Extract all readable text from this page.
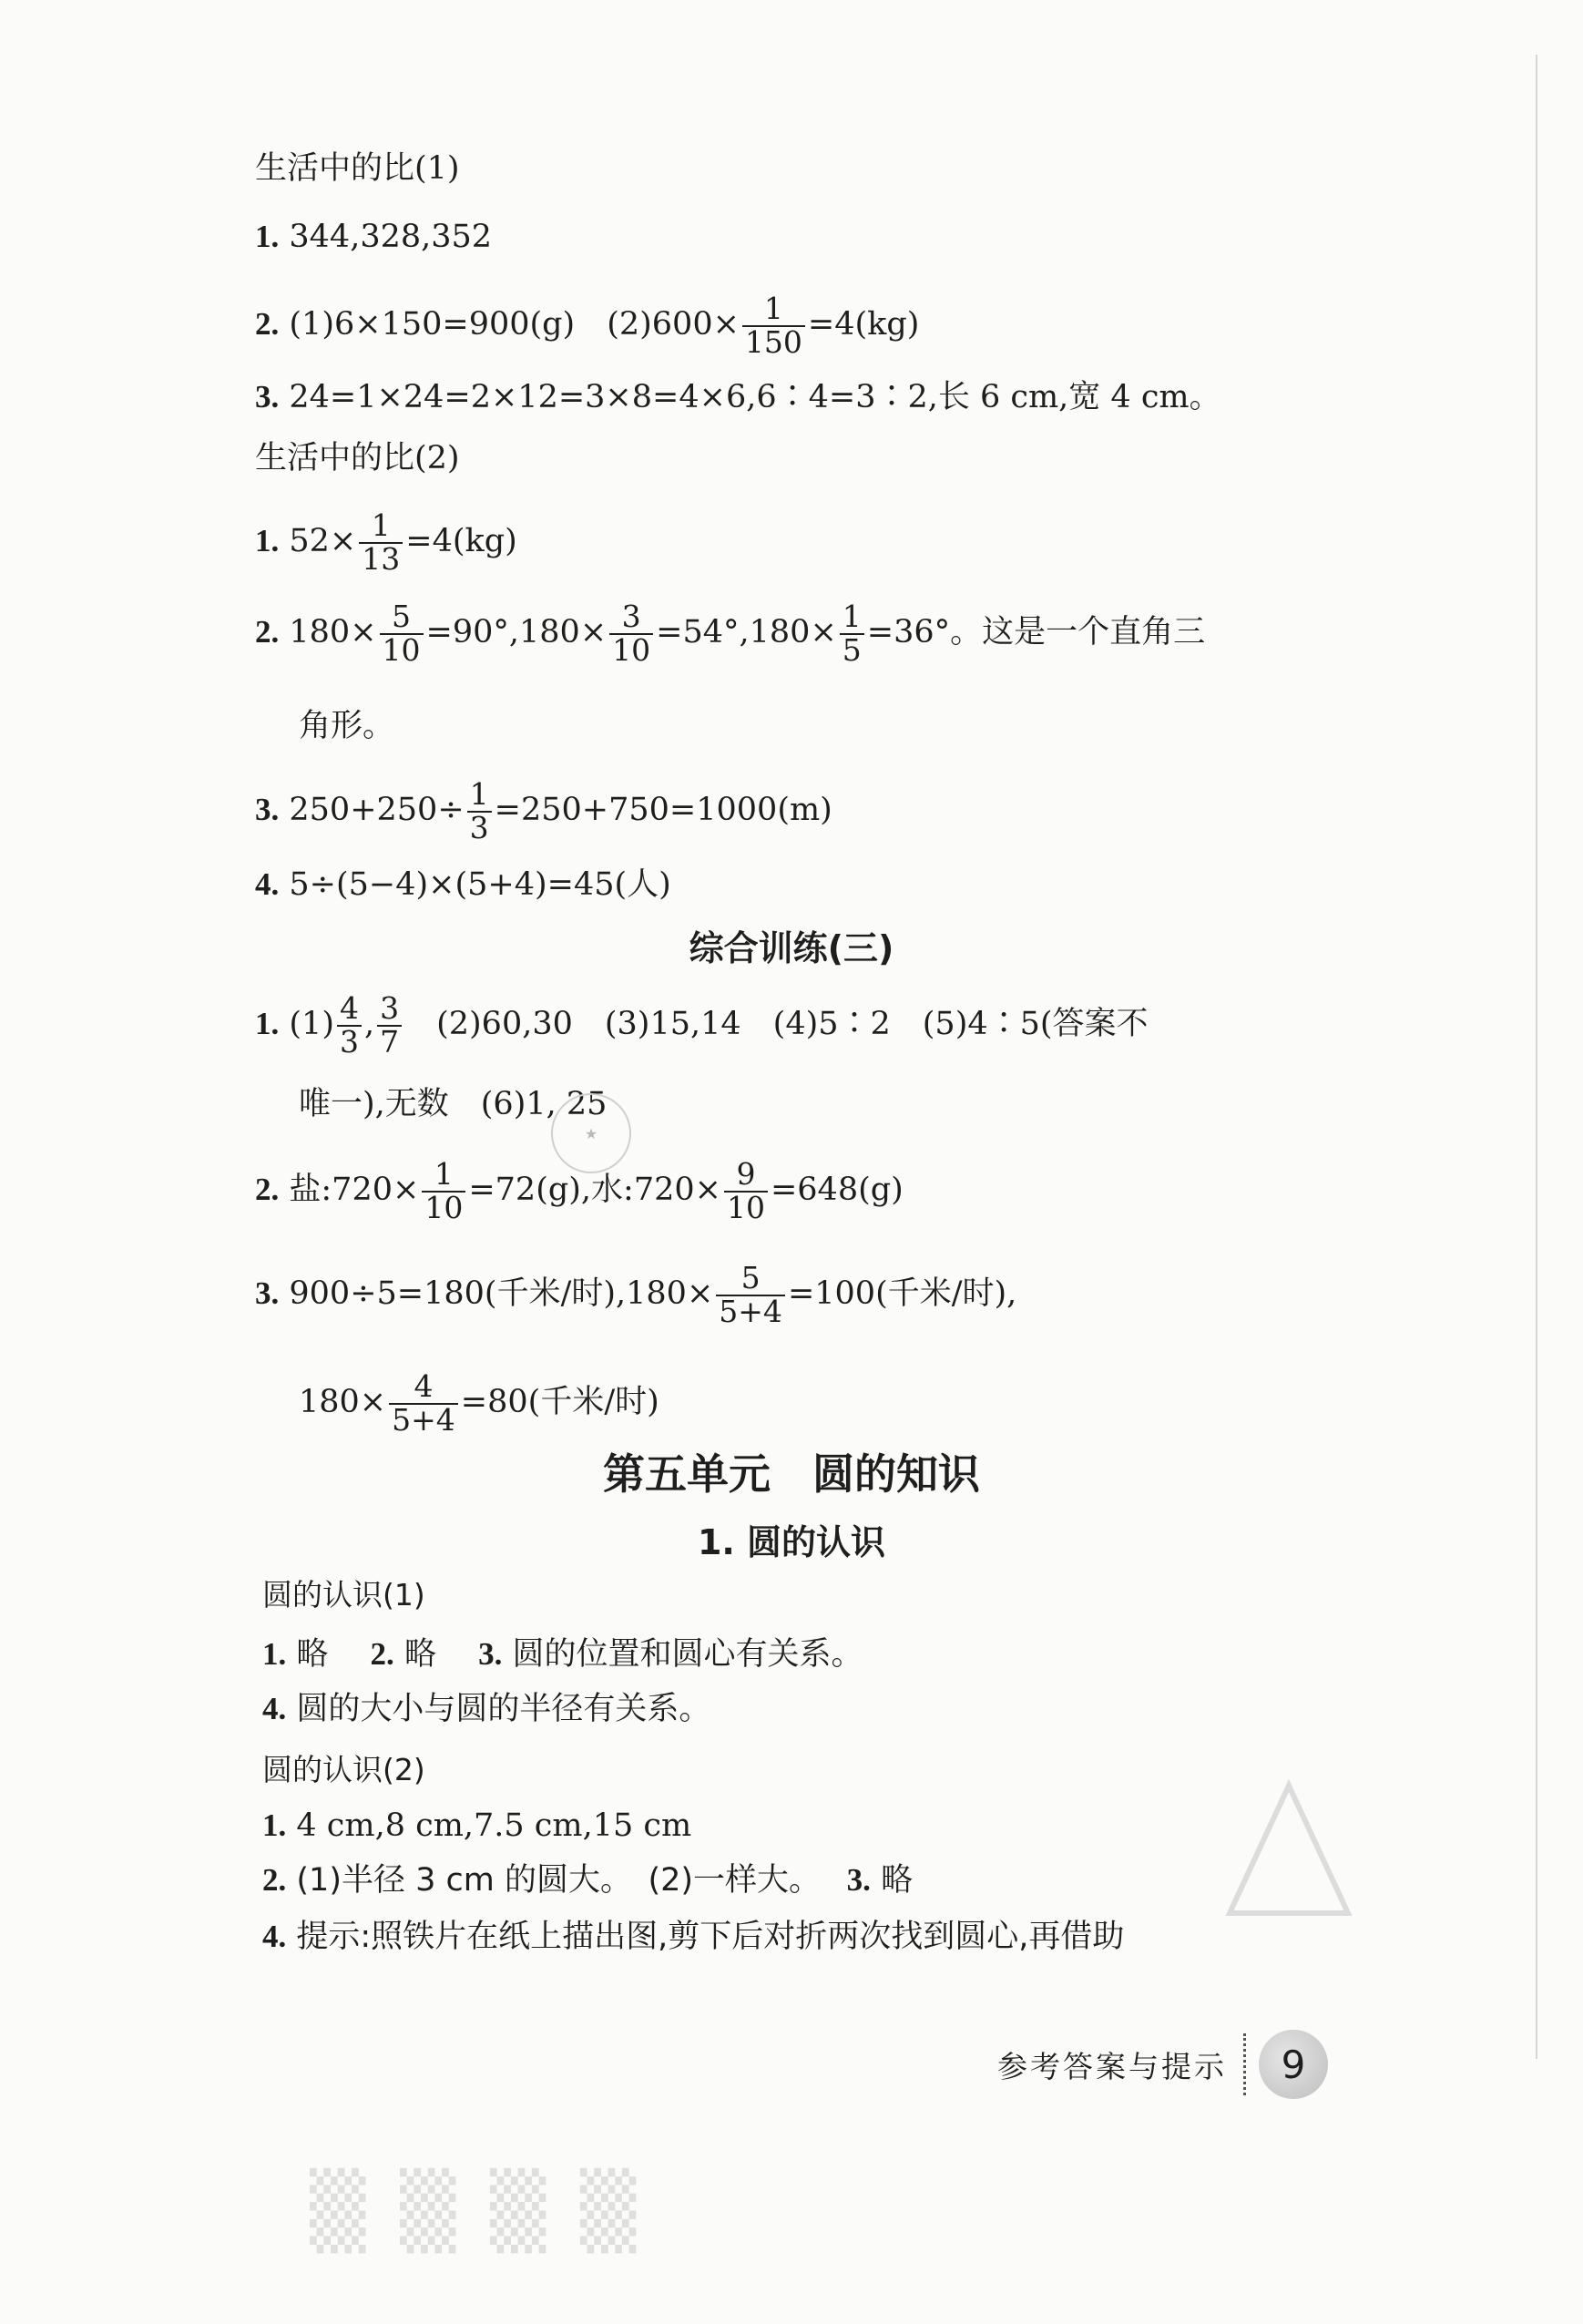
生活中的比(1)
1. 344,328,352
2. (1)6×150=900(g)　$(2)600\times \frac{1}{150} =4(kg)$
3. 24=1×24=2×12=3×8=4×6,6∶4=3∶2,长 6 cm,宽 4 cm。
生活中的比(2)
1. $52\times \frac{1}{13} =4(kg)$
2. $180\times \frac{5}{10} =90^\circ,180\times \frac{3}{10} =54^\circ,180\times \frac{1}{5} =36^\circ$。这是一个直角三
角形。
3. $250+250\div \frac{1}{3} =250+750=1000(m)$
4. 5÷(5−4)×(5+4)=45(人)
综合训练(三)
1. $(1) \frac{4}{3}$ , $\frac{3}{7}$ 　(2)60,30　(3)15,14　(4)5∶2　(5)4∶5(答案不
唯一),无数　(6)1, 25
2. 盐:720× $\frac{1}{10} =72(g)$,水:720× $\frac{9}{10} =648(g)$
3. 900÷5=180(千米/时)$,180\times \frac{5}{5+4} =100$(千米/时),
$180\times \frac{4}{5+4} =80$(千米/时)
第五单元　圆的知识
1. 圆的认识
圆的认识(1)
1. 略　 2. 略　 3. 圆的位置和圆心有关系。
4. 圆的大小与圆的半径有关系。
圆的认识(2)
1. 4 cm,8 cm,7.5 cm,15 cm
2. (1)半径 3 cm 的圆大。　(2)一样大。　 3. 略
4. 提示:照铁片在纸上描出图,剪下后对折两次找到圆心,再借助
★
▒ ▒ ▒ ▒
参考答案与提示	9
